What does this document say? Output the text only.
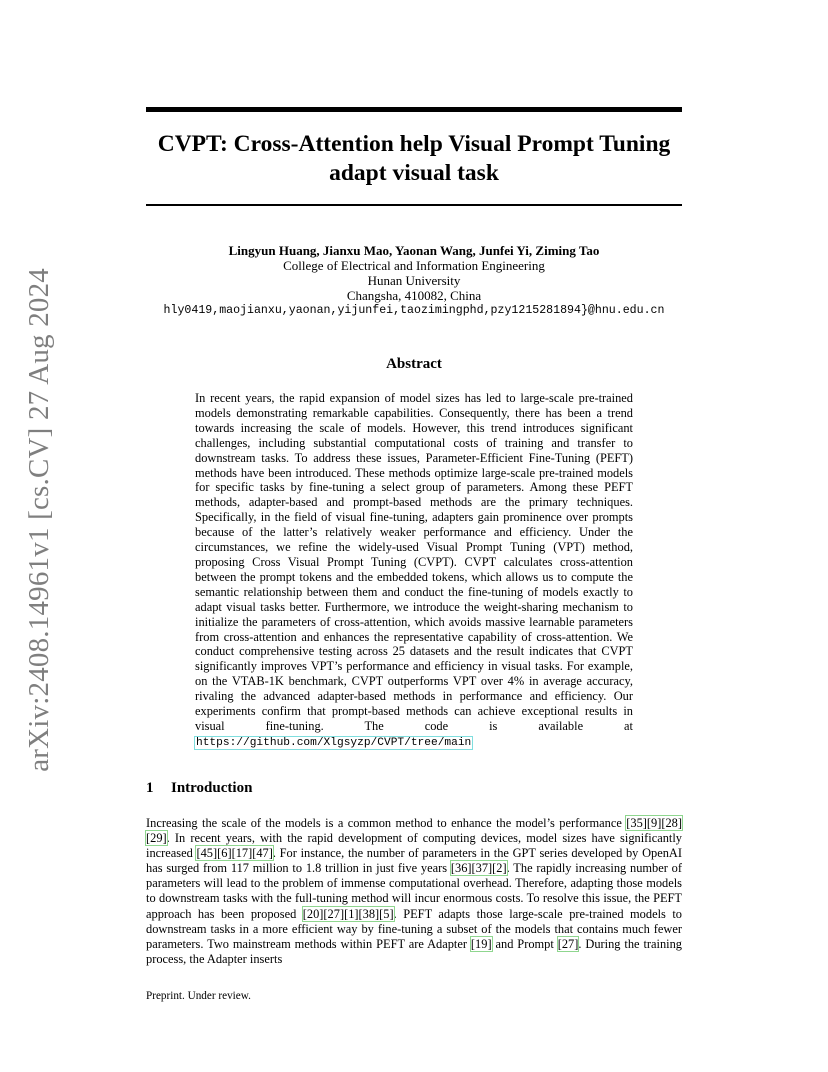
arXiv:2408.14961v1 [cs.CV] 27 Aug 2024
CVPT: Cross-Attention help Visual Prompt Tuning
adapt visual task
Lingyun Huang, Jianxu Mao, Yaonan Wang, Junfei Yi, Ziming Tao
College of Electrical and Information Engineering
Hunan University
Changsha, 410082, China
hly0419,maojianxu,yaonan,yijunfei,taozimingphd,pzy1215281894}@hnu.edu.cn
Abstract
In recent years, the rapid expansion of model sizes has led to large-scale pre-trained models demonstrating remarkable capabilities. Consequently, there has been a trend towards increasing the scale of models. However, this trend introduces significant challenges, including substantial computational costs of training and transfer to downstream tasks. To address these issues, Parameter-Efficient Fine-Tuning (PEFT) methods have been introduced. These methods optimize large-scale pre-trained models for specific tasks by fine-tuning a select group of parameters. Among these PEFT methods, adapter-based and prompt-based methods are the primary techniques. Specifically, in the field of visual fine-tuning, adapters gain prominence over prompts because of the latter’s relatively weaker performance and efficiency. Under the circumstances, we refine the widely-used Visual Prompt Tuning (VPT) method, proposing Cross Visual Prompt Tuning (CVPT). CVPT calculates cross-attention between the prompt tokens and the embedded tokens, which allows us to compute the semantic relationship between them and conduct the fine-tuning of models exactly to adapt visual tasks better. Furthermore, we introduce the weight-sharing mechanism to initialize the parameters of cross-attention, which avoids massive learnable parameters from cross-attention and enhances the representative capability of cross-attention. We conduct comprehensive testing across 25 datasets and the result indicates that CVPT significantly improves VPT’s performance and efficiency in visual tasks. For example, on the VTAB-1K benchmark, CVPT outperforms VPT over 4% in average accuracy, rivaling the advanced adapter-based methods in performance and efficiency. Our experiments confirm that prompt-based methods can achieve exceptional results in visual fine-tuning. The code is available at https://github.com/Xlgsyzp/CVPT/tree/main
1 Introduction
Increasing the scale of the models is a common method to enhance the model’s performance [35][9][28][29]. In recent years, with the rapid development of computing devices, model sizes have significantly increased [45][6][17][47]. For instance, the number of parameters in the GPT series developed by OpenAI has surged from 117 million to 1.8 trillion in just five years [36][37][2]. The rapidly increasing number of parameters will lead to the problem of immense computational overhead. Therefore, adapting those models to downstream tasks with the full-tuning method will incur enormous costs. To resolve this issue, the PEFT approach has been proposed [20][27][1][38][5]. PEFT adapts those large-scale pre-trained models to downstream tasks in a more efficient way by fine-tuning a subset of the models that contains much fewer parameters. Two mainstream methods within PEFT are Adapter [19] and Prompt [27]. During the training process, the Adapter inserts
Preprint. Under review.
